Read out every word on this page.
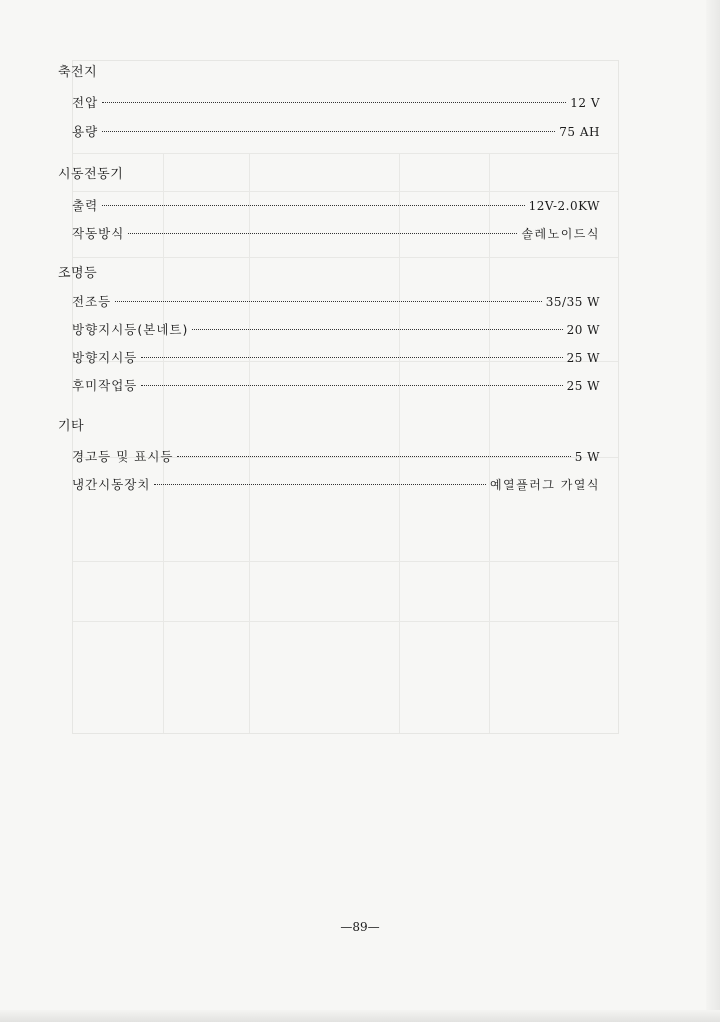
축전지
전압	12 V
용량	75 AH
시동전동기
출력	12V-2.0KW
작동방식	솔레노이드식
조명등
전조등	35/35 W
방향지시등(본네트)	20 W
방향지시등	25 W
후미작업등	25 W
기타
경고등 및 표시등	5 W
냉간시동장치	예열플러그 가열식
—89—
